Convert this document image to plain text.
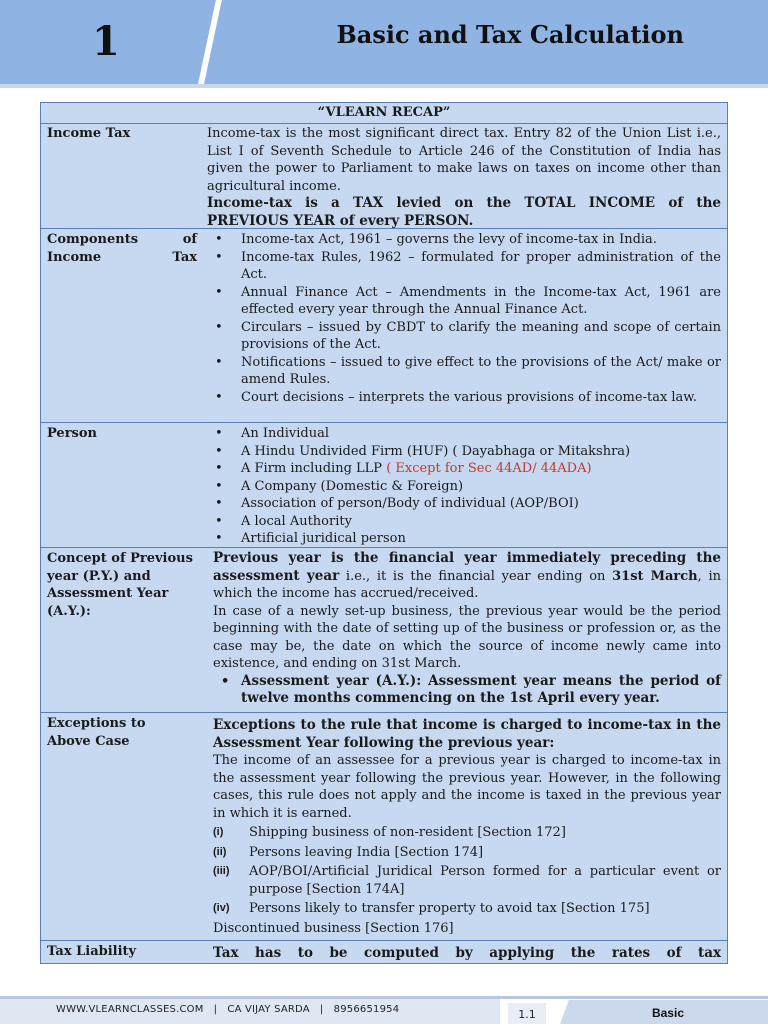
1	Basic and Tax Calculation
“VLEARN RECAP”
Income Tax	Income-tax is the most significant direct tax. Entry 82 of the Union List i.e., List I of Seventh Schedule to Article 246 of the Constitution of India has given the power to Parliament to make laws on taxes on income other than agricultural income.

Income-tax is a TAX levied on the TOTAL INCOME of the PREVIOUS YEAR of every PERSON.

Components of Income Tax
• Income-tax Act, 1961 – governs the levy of income-tax in India.
• Income-tax Rules, 1962 – formulated for proper administration of the Act.
• Annual Finance Act – Amendments in the Income-tax Act, 1961 are effected every year through the Annual Finance Act.
• Circulars – issued by CBDT to clarify the meaning and scope of certain provisions of the Act.
• Notifications – issued to give effect to the provisions of the Act/ make or amend Rules.
• Court decisions – interprets the various provisions of income-tax law.
Person
•	An Individual
• A Hindu Undivided Firm (HUF) ( Dayabhaga or Mitakshra)
• A Firm including LLP ( Except for Sec 44AD/ 44ADA)
• A Company (Domestic & Foreign)
• Association of person/Body of individual (AOP/BOI)
• A local Authority
• Artificial juridical person
Concept of Previous year (P.Y.) and Assessment Year (A.Y.):

Previous year is the financial year immediately preceding the assessment year i.e., it is the financial year ending on 31st March, in which the income has accrued/received.

In case of a newly set-up business, the previous year would be the period beginning with the date of setting up of the business or profession or, as the case may be, the date on which the source of income newly came into existence, and ending on 31st March.

• Assessment year (A.Y.): Assessment year means the period of twelve months commencing on the 1st April every year.
Exceptions to Above Case

Exceptions to the rule that income is charged to income-tax in the Assessment Year following the previous year:

The income of an assessee for a previous year is charged to income-tax in the assessment year following the previous year. However, in the following cases, this rule does not apply and the income is taxed in the previous year in which it is earned.

(i) Shipping business of non-resident [Section 172]
(ii) Persons leaving India [Section 174]
(iii) AOP/BOI/Artificial Juridical Person formed for a particular event or purpose [Section 174A]
(iv) Persons likely to transfer property to avoid tax [Section 175]

Discontinued business [Section 176]

Tax Liability	Tax has to be computed by applying the rates of tax
WWW.VLEARNCLASSES.COM   |   CA VIJAY SARDA   |   8956651954	1.1	Basic
